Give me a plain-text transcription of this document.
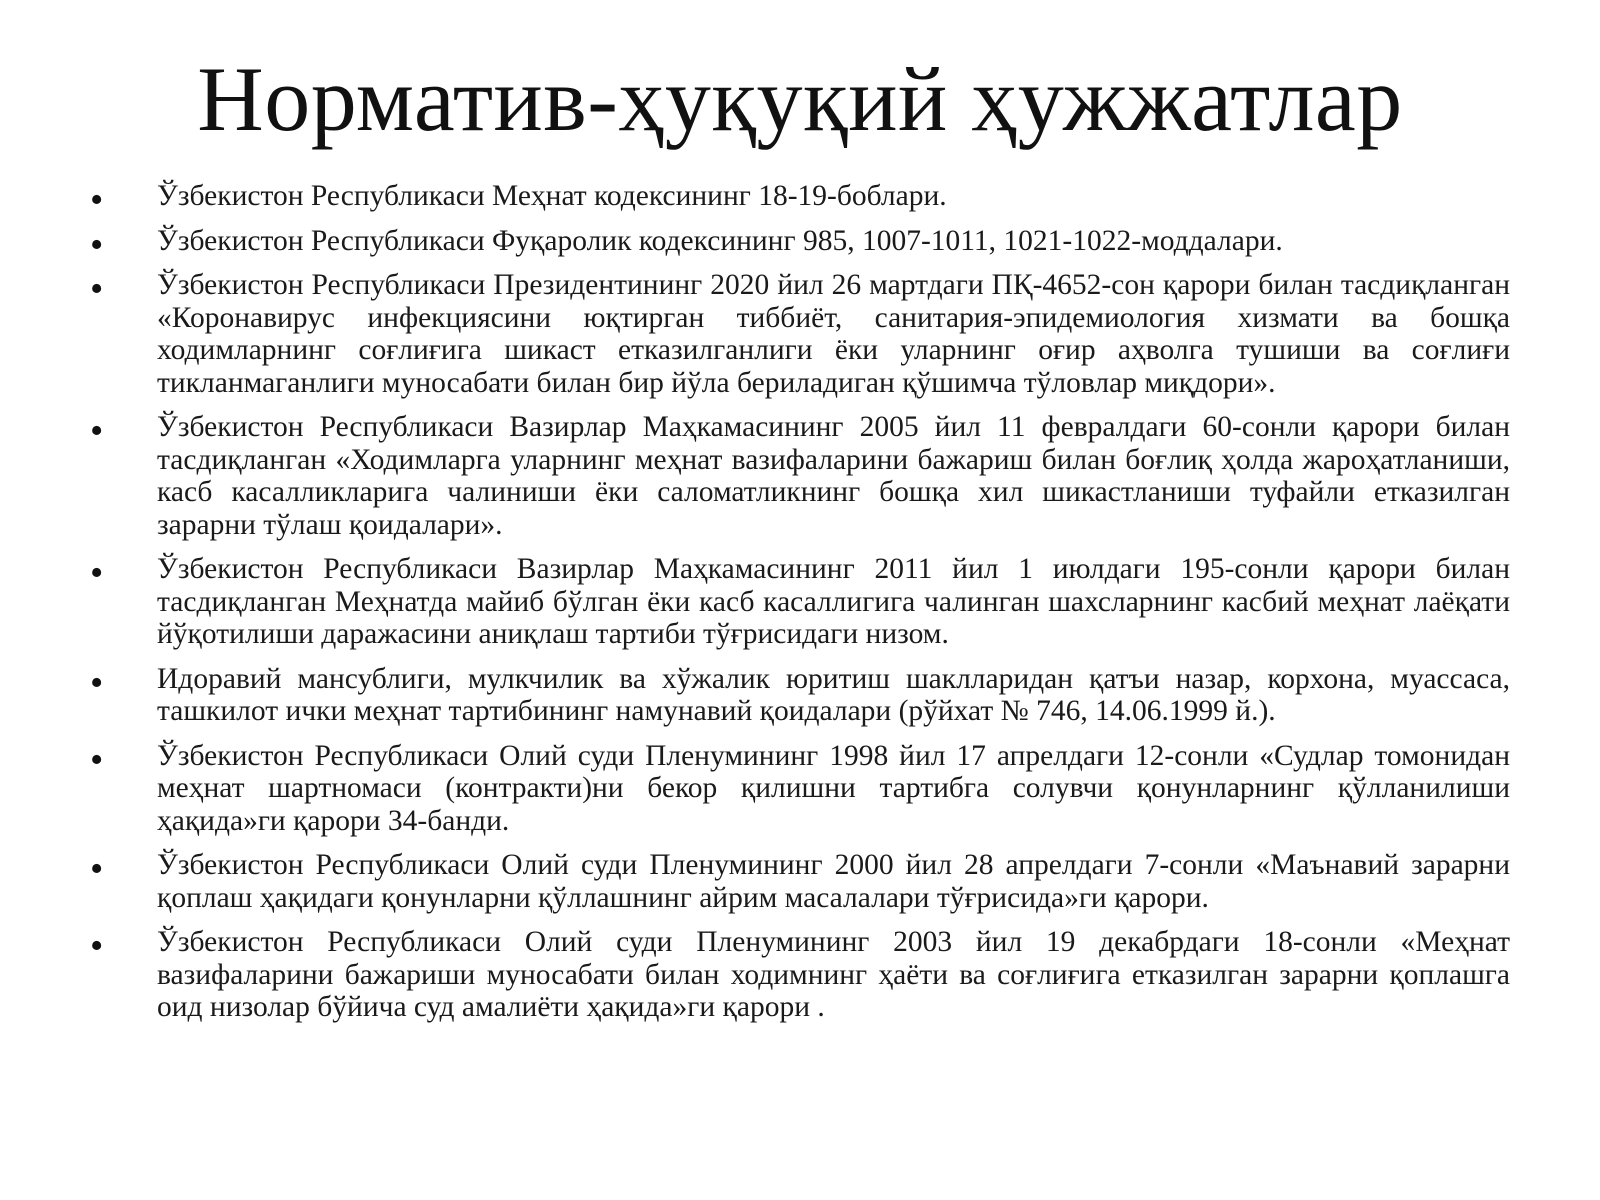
Норматив-ҳуқуқий ҳужжатлар
• Ўзбекистон Республикаси Меҳнат кодексининг 18-19-боблари.
• Ўзбекистон Республикаси Фуқаролик кодексининг 985, 1007-1011, 1021-1022-моддалари.
• Ўзбекистон Республикаси Президентининг 2020 йил 26 мартдаги ПҚ-4652-сон қарори билан тасдиқланган «Коронавирус инфекциясини юқтирган тиббиёт, санитария-эпидемиология хизмати ва бошқа ходимларнинг соғлиғига шикаст етказилганлиги ёки уларнинг оғир аҳволга тушиши ва соғлиғи тикланмаганлиги муносабати билан бир йўла бериладиган қўшимча тўловлар миқдори».
• Ўзбекистон Республикаси Вазирлар Маҳкамасининг 2005 йил 11 февралдаги 60-сонли қарори билан тасдиқланган «Ходимларга уларнинг меҳнат вазифаларини бажариш билан боғлиқ ҳолда жароҳатланиши, касб касалликларига чалиниши ёки саломатликнинг бошқа хил шикастланиши туфайли етказилган зарарни тўлаш қоидалари».
• Ўзбекистон Республикаси Вазирлар Маҳкамасининг 2011 йил 1 июлдаги 195-сонли қарори билан тасдиқланган Меҳнатда майиб бўлган ёки касб касаллигига чалинган шахсларнинг касбий меҳнат лаёқати йўқотилиши даражасини аниқлаш тартиби тўғрисидаги низом.
• Идоравий мансублиги, мулкчилик ва хўжалик юритиш шаклларидан қатъи назар, корхона, муассаса, ташкилот ички меҳнат тартибининг намунавий қоидалари (рўйхат № 746, 14.06.1999 й.).
• Ўзбекистон Республикаси Олий суди Пленумининг 1998 йил 17 апрелдаги 12-сонли «Судлар томонидан меҳнат шартномаси (контракти)ни бекор қилишни тартибга солувчи қонунларнинг қўлланилиши ҳақида»ги қарори 34-банди.
• Ўзбекистон Республикаси Олий суди Пленумининг 2000 йил 28 апрелдаги 7-сонли «Маънавий зарарни қоплаш ҳақидаги қонунларни қўллашнинг айрим масалалари тўғрисида»ги қарори.
• Ўзбекистон Республикаси Олий суди Пленумининг 2003 йил 19 декабрдаги 18-сонли «Меҳнат вазифаларини бажариши муносабати билан ходимнинг ҳаёти ва соғлиғига етказилган зарарни қоплашга оид низолар бўйича суд амалиёти ҳақида»ги қарори .
